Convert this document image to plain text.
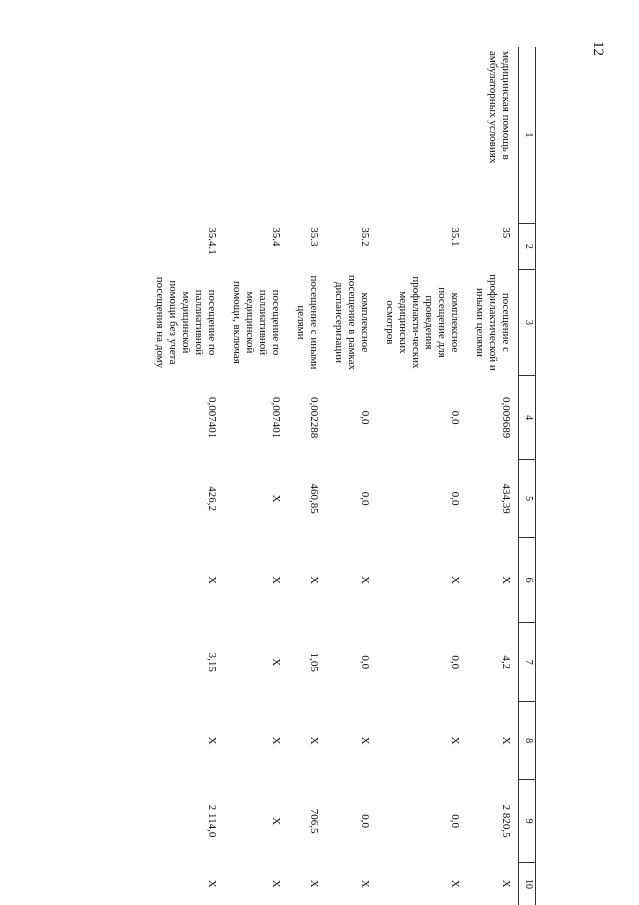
12
1	2	3	4	5	6	7	8	9	10
медицинская помощь в амбулаторных условиях	35	посещение с профилактической и иными целями	0,009689	434,39	X	4,2	X	2 820,5	X
	35.1	комплексное посещение для проведения профилакти-ческих медицинских осмотров	0,0	0,0	X	0,0	X	0,0	X
	35.2	комплексное посещение в рамках диспансеризации	0,0	0,0	X	0,0	X	0,0	X
	35.3	посещение с иными целями	0,002288	460,85	X	1,05	X	706,5	X
	35.4	посещение по паллиативной медицинской помощи, включая	0,007401	X	X	X	X	X	X
	35.4.1	посещение по паллиативной медицинской помощи без учета посещения на дому	0,007401	426,2	X	3,15	X	2 114,0	X
